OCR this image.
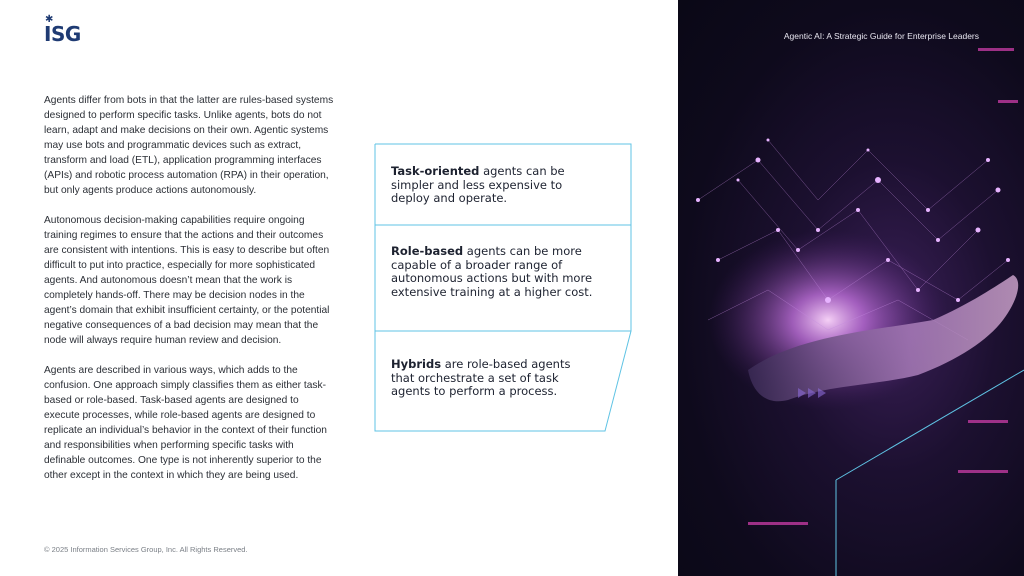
✱
ISG

Agents differ from bots in that the latter are rules-based systems designed to perform specific tasks. Unlike agents, bots do not learn, adapt and make decisions on their own. Agentic systems may use bots and programmatic devices such as extract, transform and load (ETL), application programming interfaces (APIs) and robotic process automation (RPA) in their operation, but only agents produce actions autonomously.

Autonomous decision-making capabilities require ongoing training regimes to ensure that the actions and their outcomes are consistent with intentions. This is easy to describe but often difficult to put into practice, especially for more sophisticated agents. And autonomous doesn’t mean that the work is completely hands-off. There may be decision nodes in the agent’s domain that exhibit insufficient certainty, or the potential negative consequences of a bad decision may mean that the node will always require human review and decision.

Agents are described in various ways, which adds to the confusion. One approach simply classifies them as either task-based or role-based. Task-based agents are designed to execute processes, while role-based agents are designed to replicate an individual’s behavior in the context of their function and responsibilities when performing specific tasks with definable outcomes. One type is not inherently superior to the other except in the context in which they are being used.

© 2025 Information Services Group, Inc. All Rights Reserved.
Task-oriented agents can be simpler and less expensive to deploy and operate.
Role-based agents can be more capable of a broader range of autonomous actions but with more extensive training at a higher cost.
Hybrids are role-based agents that orchestrate a set of task agents to perform a process.
Agentic AI: A Strategic Guide for Enterprise Leaders
